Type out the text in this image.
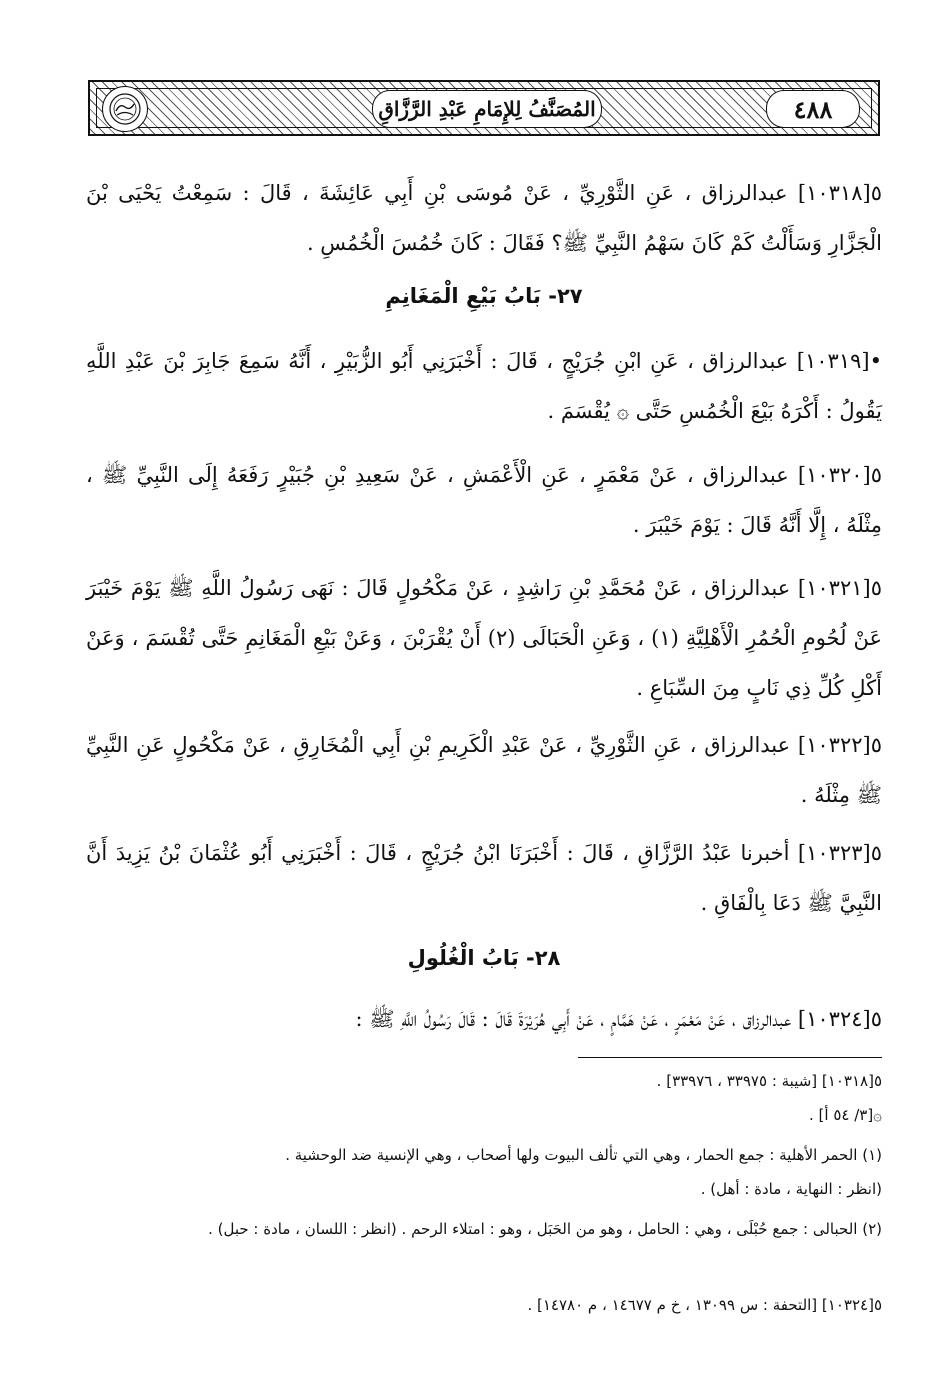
المُصَنَّفُ لِلإِمَامِ عَبْدِ الرَّزَّاقِ	٤٨٨
٥[١٠٣١٨] عبدالرزاق ، عَنِ الثَّوْرِيِّ ، عَنْ مُوسَى بْنِ أَبِي عَائِشَةَ ، قَالَ : سَمِعْتُ يَحْيَى بْنَ الْجَزَّارِ وَسَأَلْتُ كَمْ كَانَ سَهْمُ النَّبِيِّ ﷺ؟ فَقَالَ : كَانَ خُمُسَ الْخُمُسِ .
٢٧- بَابُ بَيْعِ الْمَغَانِمِ
•[١٠٣١٩] عبدالرزاق ، عَنِ ابْنِ جُرَيْجٍ ، قَالَ : أَخْبَرَنِي أَبُو الزُّبَيْرِ ، أَنَّهُ سَمِعَ جَابِرَ بْنَ عَبْدِ اللَّهِ يَقُولُ : أَكْرَهُ بَيْعَ الْخُمُسِ حَتَّى ۞ يُقْسَمَ .
٥[١٠٣٢٠] عبدالرزاق ، عَنْ مَعْمَرٍ ، عَنِ الْأَعْمَشِ ، عَنْ سَعِيدِ بْنِ جُبَيْرٍ رَفَعَهُ إِلَى النَّبِيِّ ﷺ ، مِثْلَهُ ، إِلَّا أَنَّهُ قَالَ : يَوْمَ خَيْبَرَ .
٥[١٠٣٢١] عبدالرزاق ، عَنْ مُحَمَّدِ بْنِ رَاشِدٍ ، عَنْ مَكْحُولٍ قَالَ : نَهَى رَسُولُ اللَّهِ ﷺ يَوْمَ خَيْبَرَ عَنْ لُحُومِ الْحُمُرِ الْأَهْلِيَّةِ (١) ، وَعَنِ الْحَبَالَى (٢) أَنْ يُقْرَبْنَ ، وَعَنْ بَيْعِ الْمَغَانِمِ حَتَّى تُقْسَمَ ، وَعَنْ أَكْلِ كُلِّ ذِي نَابٍ مِنَ السِّبَاعِ .
٥[١٠٣٢٢] عبدالرزاق ، عَنِ الثَّوْرِيِّ ، عَنْ عَبْدِ الْكَرِيمِ بْنِ أَبِي الْمُخَارِقِ ، عَنْ مَكْحُولٍ عَنِ النَّبِيِّ ﷺ مِثْلَهُ .
٥[١٠٣٢٣] أخبرنا عَبْدُ الرَّزَّاقِ ، قَالَ : أَخْبَرَنَا ابْنُ جُرَيْجٍ ، قَالَ : أَخْبَرَنِي أَبُو عُثْمَانَ بْنُ يَزِيدَ أَنَّ النَّبِيَّ ﷺ دَعَا بِالْفَاقِ .
٢٨- بَابُ الْغُلُولِ
٥[١٠٣٢٤] عبدالرزاق ، عَنْ مَعْمَرٍ ، عَنْ هَمَّامٍ ، عَنْ أَبِي هُرَيْرَةَ قَالَ : قَالَ رَسُولُ اللَّهِ ﷺ :
٥[١٠٣١٨] [شيبة : ٣٣٩٧٥ ، ٣٣٩٧٦] .
۞[٣/ ٥٤ أ] .
(١) الحمر الأهلية : جمع الحمار ، وهي التي تألف البيوت ولها أصحاب ، وهي الإنسية ضد الوحشية .
(انظر : النهاية ، مادة : أهل) .
(٢) الحبالى : جمع حُبْلَى ، وهي : الحامل ، وهو من الحَبَل ، وهو : امتلاء الرحم . (انظر : اللسان ، مادة : حبل) .
٥[١٠٣٢٤] [التحفة : س ١٣٠٩٩ ، خ م ١٤٦٧٧ ، م ١٤٧٨٠] .
